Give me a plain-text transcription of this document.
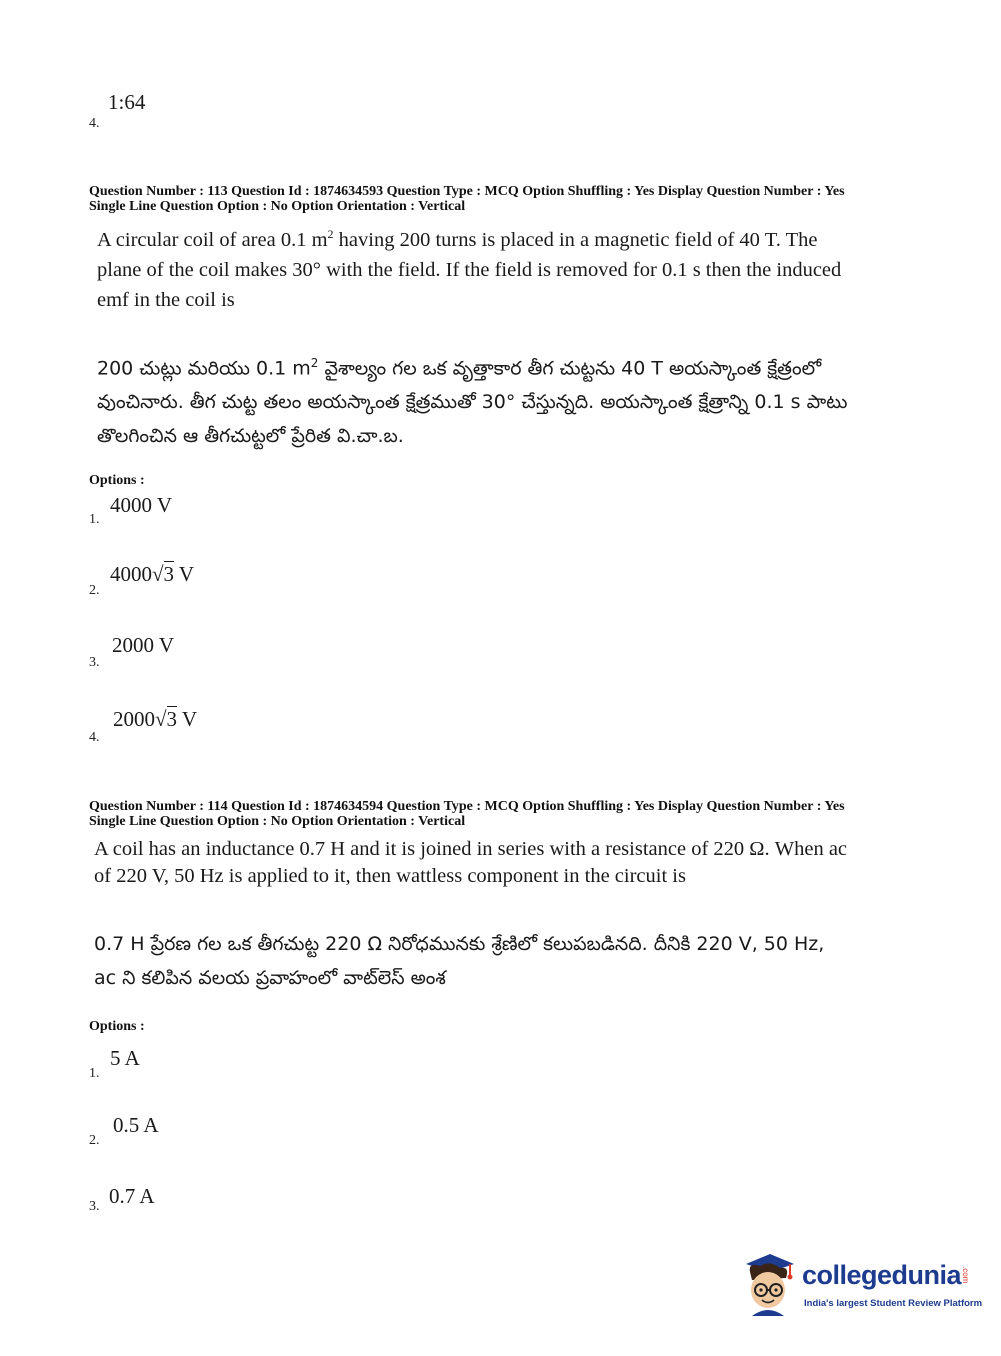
1:64
4.
Question Number : 113 Question Id : 1874634593 Question Type : MCQ Option Shuffling : Yes Display Question Number : Yes
Single Line Question Option : No Option Orientation : Vertical
A circular coil of area 0.1 $m^2$ having 200 turns is placed in a magnetic field of 40 T. The
plane of the coil makes 30° with the field. If the field is removed for 0.1 s then the induced
emf in the coil is
200 చుట్లు మరియు 0.1 $m^2$ వైశాల్యం గల ఒక వృత్తాకార తీగ చుట్టను 40 T అయస్కాంత క్షేత్రంలో
వుంచినారు. తీగ చుట్ట తలం అయస్కాంత క్షేత్రముతో 30° చేస్తున్నది. అయస్కాంత క్షేత్రాన్ని 0.1 s పాటు
తొలగించిన ఆ తీగచుట్టలో ప్రేరిత వి.చా.బ.
Options :
4000 V
1.
4000√3 V
2.
2000 V
3.
2000√3 V
4.
Question Number : 114 Question Id : 1874634594 Question Type : MCQ Option Shuffling : Yes Display Question Number : Yes
Single Line Question Option : No Option Orientation : Vertical
A coil has an inductance 0.7 H and it is joined in series with a resistance of 220 Ω. When ac
of 220 V, 50 Hz is applied to it, then wattless component in the circuit is
0.7 H ప్రేరణ గల ఒక తీగచుట్ట 220 Ω నిరోధమునకు శ్రేణిలో కలుపబడినది. దీనికి 220 V, 50 Hz,
ac ని కలిపిన వలయ ప్రవాహంలో వాట్‌లెస్ అంశ
Options :
5 A
1.
0.5 A
2.
0.7 A
3.
collegedunia .com
India's largest Student Review Platform
